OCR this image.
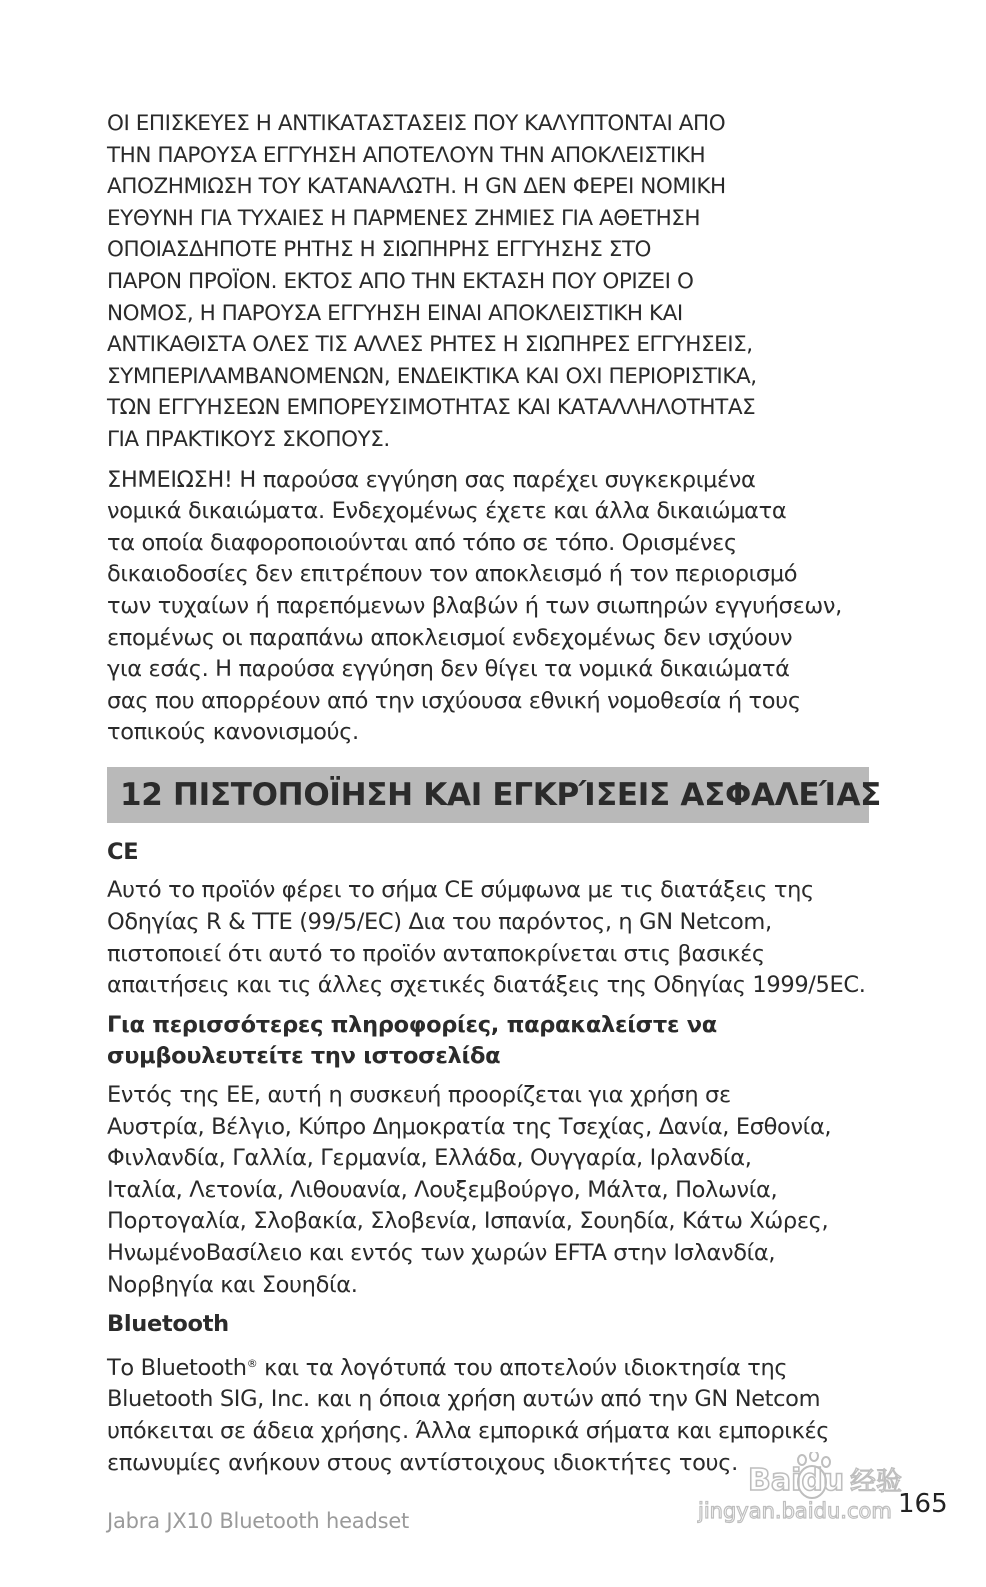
ΟΙ ΕΠΙΣΚΕΥΕΣ Η ΑΝΤΙΚΑΤΑΣΤΑΣΕΙΣ ΠΟΥ ΚΑΛΥΠΤΟΝΤΑΙ ΑΠΟ
ΤΗΝ ΠΑΡΟΥΣΑ ΕΓΓΥΗΣΗ ΑΠΟΤΕΛΟΥΝ ΤΗΝ ΑΠΟΚΛΕΙΣΤΙΚΗ
ΑΠΟΖΗΜΙΩΣΗ ΤΟΥ ΚΑΤΑΝΑΛΩΤΗ. Η GN ΔΕΝ ΦΕΡΕΙ ΝΟΜΙΚΗ
ΕΥΘΥΝΗ ΓΙΑ ΤΥΧΑΙΕΣ Η ΠΑΡΜΕΝΕΣ ΖΗΜΙΕΣ ΓΙΑ ΑΘΕΤΗΣΗ
ΟΠΟΙΑΣΔΗΠΟΤΕ ΡΗΤΗΣ Η ΣΙΩΠΗΡΗΣ ΕΓΓΥΗΣΗΣ ΣΤΟ
ΠΑΡΟΝ ΠΡΟΪΟΝ. ΕΚΤΟΣ ΑΠΟ ΤΗΝ ΕΚΤΑΣΗ ΠΟΥ ΟΡΙΖΕΙ Ο
ΝΟΜΟΣ, Η ΠΑΡΟΥΣΑ ΕΓΓΥΗΣΗ ΕΙΝΑΙ ΑΠΟΚΛΕΙΣΤΙΚΗ ΚΑΙ
ΑΝΤΙΚΑΘΙΣΤΑ ΟΛΕΣ ΤΙΣ ΑΛΛΕΣ ΡΗΤΕΣ Η ΣΙΩΠΗΡΕΣ ΕΓΓΥΗΣΕΙΣ,
ΣΥΜΠΕΡΙΛΑΜΒΑΝΟΜΕΝΩΝ, ΕΝΔΕΙΚΤΙΚΑ ΚΑΙ ΟΧΙ ΠΕΡΙΟΡΙΣΤΙΚΑ,
ΤΩΝ ΕΓΓΥΗΣΕΩΝ ΕΜΠΟΡΕΥΣΙΜΟΤΗΤΑΣ ΚΑΙ ΚΑΤΑΛΛΗΛΟΤΗΤΑΣ
ΓΙΑ ΠΡΑΚΤΙΚΟΥΣ ΣΚΟΠΟΥΣ.

ΣΗΜΕΙΩΣΗ! Η παρούσα εγγύηση σας παρέχει συγκεκριμένα
νομικά δικαιώματα. Ενδεχομένως έχετε και άλλα δικαιώματα
τα οποία διαφοροποιούνται από τόπο σε τόπο. Ορισμένες
δικαιοδοσίες δεν επιτρέπουν τον αποκλεισμό ή τον περιορισμό
των τυχαίων ή παρεπόμενων βλαβών ή των σιωπηρών εγγυήσεων,
επομένως οι παραπάνω αποκλεισμοί ενδεχομένως δεν ισχύουν
για εσάς. Η παρούσα εγγύηση δεν θίγει τα νομικά δικαιώματά
σας που απορρέουν από την ισχύουσα εθνική νομοθεσία ή τους
τοπικούς κανονισμούς.

12 ΠΙΣΤΟΠΟΪΗΣΗ ΚΑΙ ΕΓΚΡΊΣΕΙΣ ΑΣΦΑΛΕΊΑΣ
CE

Αυτό το προϊόν φέρει το σήμα CE σύμφωνα με τις διατάξεις της
Οδηγίας R & TTE (99/5/EC) Δια του παρόντος, η GN Netcom,
πιστοποιεί ότι αυτό το προϊόν ανταποκρίνεται στις βασικές
απαιτήσεις και τις άλλες σχετικές διατάξεις της Οδηγίας 1999/5EC.

Για περισσότερες πληροφορίες, παρακαλείστε να
συμβουλευτείτε την ιστοσελίδα

Εντός της ΕΕ, αυτή η συσκευή προορίζεται για χρήση σε
Αυστρία, Βέλγιο, Κύπρο Δημοκρατία της Τσεχίας, Δανία, Εσθονία,
Φινλανδία, Γαλλία, Γερμανία, Ελλάδα, Ουγγαρία, Ιρλανδία,
Ιταλία, Λετονία, Λιθουανία, Λουξεμβούργο, Μάλτα, Πολωνία,
Πορτογαλία, Σλοβακία, Σλοβενία, Ισπανία, Σουηδία, Κάτω Χώρες,
ΗνωμένοΒασίλειο και εντός των χωρών EFTA στην Ισλανδία,
Νορβηγία και Σουηδία.

Bluetooth

Το Bluetooth® και τα λογότυπά του αποτελούν ιδιοκτησία της
Bluetooth SIG, Inc. και η όποια χρήση αυτών από την GN Netcom
υπόκειται σε άδεια χρήσης. Άλλα εμπορικά σήματα και εμπορικές
επωνυμίες ανήκουν στους αντίστοιχους ιδιοκτήτες τους.

Baidu 经验
jingyan.baidu.com
Jabra JX10 Bluetooth headset
165
